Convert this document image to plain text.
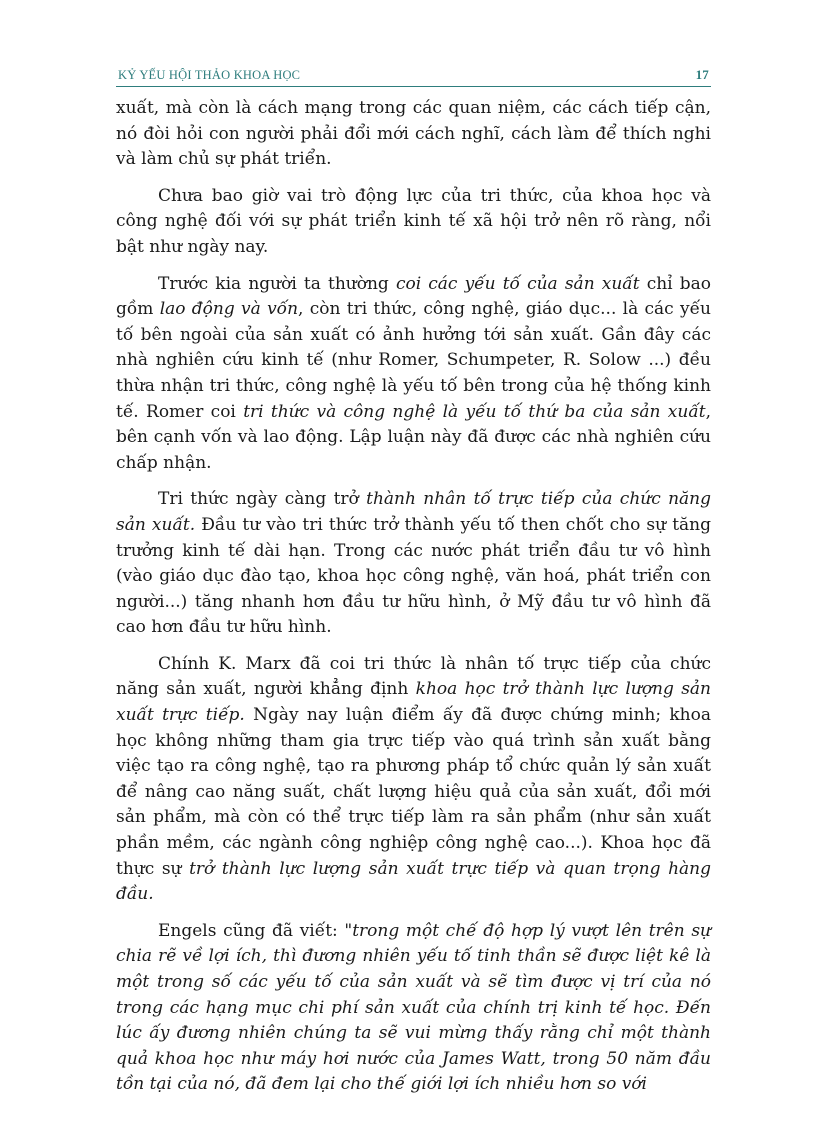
KỶ YẾU HỘI THẢO KHOA HỌC	17

xuất, mà còn là cách mạng trong các quan niệm, các cách tiếp cận, nó đòi hỏi con người phải đổi mới cách nghĩ, cách làm để thích nghi và làm chủ sự phát triển.

Chưa bao giờ vai trò động lực của tri thức, của khoa học và công nghệ đối với sự phát triển kinh tế xã hội trở nên rõ ràng, nổi bật như ngày nay.

Trước kia người ta thường coi các yếu tố của sản xuất chỉ bao gồm lao động và vốn, còn tri thức, công nghệ, giáo dục... là các yếu tố bên ngoài của sản xuất có ảnh hưởng tới sản xuất. Gần đây các nhà nghiên cứu kinh tế (như Romer, Schumpeter, R. Solow ...) đều thừa nhận tri thức, công nghệ là yếu tố bên trong của hệ thống kinh tế. Romer coi tri thức và công nghệ là yếu tố thứ ba của sản xuất, bên cạnh vốn và lao động. Lập luận này đã được các nhà nghiên cứu chấp nhận.

Tri thức ngày càng trở thành nhân tố trực tiếp của chức năng sản xuất. Đầu tư vào tri thức trở thành yếu tố then chốt cho sự tăng trưởng kinh tế dài hạn. Trong các nước phát triển đầu tư vô hình (vào giáo dục đào tạo, khoa học công nghệ, văn hoá, phát triển con người...) tăng nhanh hơn đầu tư hữu hình, ở Mỹ đầu tư vô hình đã cao hơn đầu tư hữu hình.

Chính K. Marx đã coi tri thức là nhân tố trực tiếp của chức năng sản xuất, người khẳng định khoa học trở thành lực lượng sản xuất trực tiếp. Ngày nay luận điểm ấy đã được chứng minh; khoa học không những tham gia trực tiếp vào quá trình sản xuất bằng việc tạo ra công nghệ, tạo ra phương pháp tổ chức quản lý sản xuất để nâng cao năng suất, chất lượng hiệu quả của sản xuất, đổi mới sản phẩm, mà còn có thể trực tiếp làm ra sản phẩm (như sản xuất phần mềm, các ngành công nghiệp công nghệ cao...). Khoa học đã thực sự trở thành lực lượng sản xuất trực tiếp và quan trọng hàng đầu.

Engels cũng đã viết: "trong một chế độ hợp lý vượt lên trên sự chia rẽ về lợi ích, thì đương nhiên yếu tố tinh thần sẽ được liệt kê là một trong số các yếu tố của sản xuất và sẽ tìm được vị trí của nó trong các hạng mục chi phí sản xuất của chính trị kinh tế học. Đến lúc ấy đương nhiên chúng ta sẽ vui mừng thấy rằng chỉ một thành quả khoa học như máy hơi nước của James Watt, trong 50 năm đầu tồn tại của nó, đã đem lại cho thế giới lợi ích nhiều hơn so với
